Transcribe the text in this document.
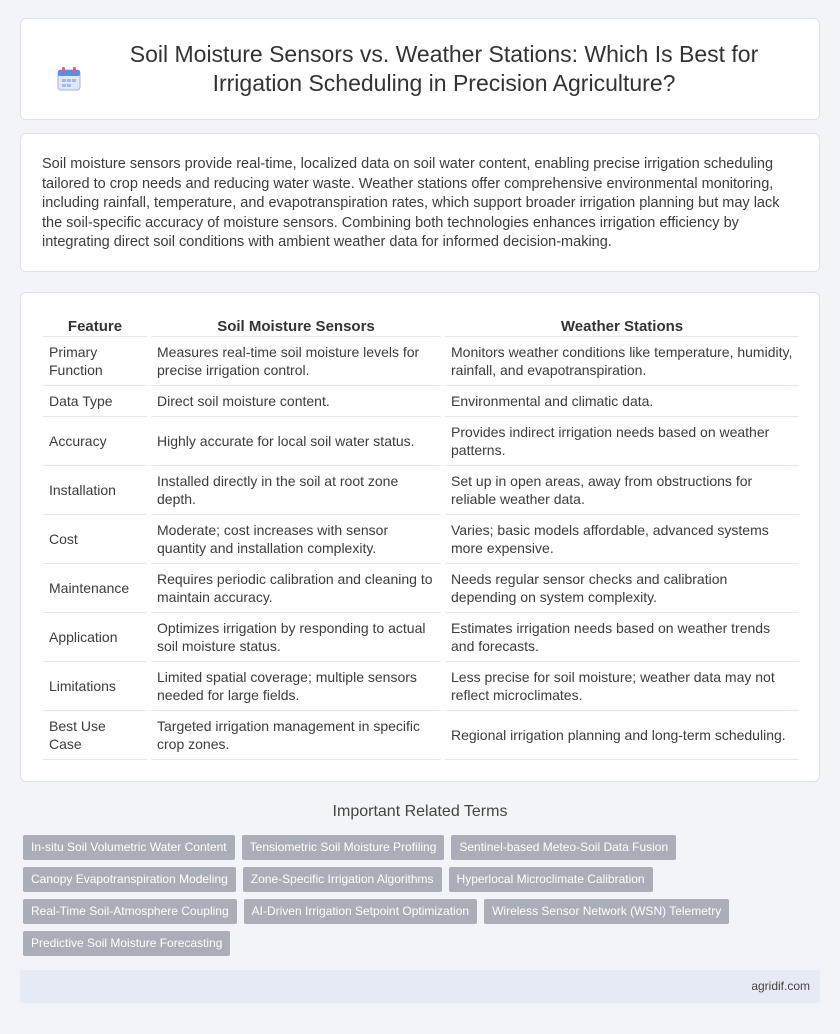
Soil Moisture Sensors vs. Weather Stations: Which Is Best for Irrigation Scheduling in Precision Agriculture?

Soil moisture sensors provide real-time, localized data on soil water content, enabling precise irrigation scheduling tailored to crop needs and reducing water waste. Weather stations offer comprehensive environmental monitoring, including rainfall, temperature, and evapotranspiration rates, which support broader irrigation planning but may lack the soil-specific accuracy of moisture sensors. Combining both technologies enhances irrigation efficiency by integrating direct soil conditions with ambient weather data for informed decision-making.

Feature	Soil Moisture Sensors	Weather Stations
Primary Function	Measures real-time soil moisture levels for precise irrigation control.	Monitors weather conditions like temperature, humidity, rainfall, and evapotranspiration.
Data Type	Direct soil moisture content.	Environmental and climatic data.
Accuracy	Highly accurate for local soil water status.	Provides indirect irrigation needs based on weather patterns.
Installation	Installed directly in the soil at root zone depth.	Set up in open areas, away from obstructions for reliable weather data.
Cost	Moderate; cost increases with sensor quantity and installation complexity.	Varies; basic models affordable, advanced systems more expensive.
Maintenance	Requires periodic calibration and cleaning to maintain accuracy.	Needs regular sensor checks and calibration depending on system complexity.
Application	Optimizes irrigation by responding to actual soil moisture status.	Estimates irrigation needs based on weather trends and forecasts.
Limitations	Limited spatial coverage; multiple sensors needed for large fields.	Less precise for soil moisture; weather data may not reflect microclimates.
Best Use Case	Targeted irrigation management in specific crop zones.	Regional irrigation planning and long-term scheduling.
Important Related Terms
In-situ Soil Volumetric Water Content	Tensiometric Soil Moisture Profiling	Sentinel-based Meteo-Soil Data Fusion
Canopy Evapotranspiration Modeling	Zone-Specific Irrigation Algorithms	Hyperlocal Microclimate Calibration
Real-Time Soil-Atmosphere Coupling	AI-Driven Irrigation Setpoint Optimization	Wireless Sensor Network (WSN) Telemetry
Predictive Soil Moisture Forecasting
agridif.com
